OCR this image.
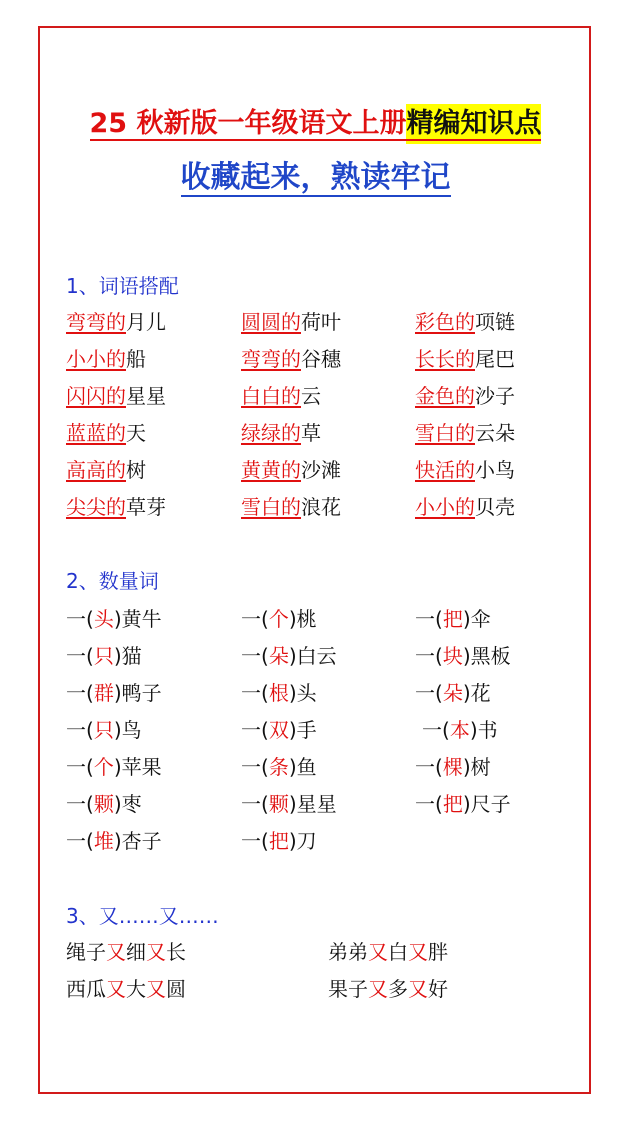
25 秋新版一年级语文上册精编知识点
收藏起来，熟读牢记
1、词语搭配
弯弯的月儿	圆圆的荷叶	彩色的项链
小小的船	弯弯的谷穗	长长的尾巴
闪闪的星星	白白的云	金色的沙子
蓝蓝的天	绿绿的草	雪白的云朵
高高的树	黄黄的沙滩	快活的小鸟
尖尖的草芽	雪白的浪花	小小的贝壳
2、数量词
一(头)黄牛	一(个)桃	一(把)伞
一(只)猫	一(朵)白云	一(块)黑板
一(群)鸭子	一(根)头	一(朵)花
一(只)鸟	一(双)手	一(本)书
一(个)苹果	一(条)鱼	一(棵)树
一(颗)枣	一(颗)星星	一(把)尺子
一(堆)杏子	一(把)刀
3、又……又……
绳子又细又长	弟弟又白又胖
西瓜又大又圆	果子又多又好
